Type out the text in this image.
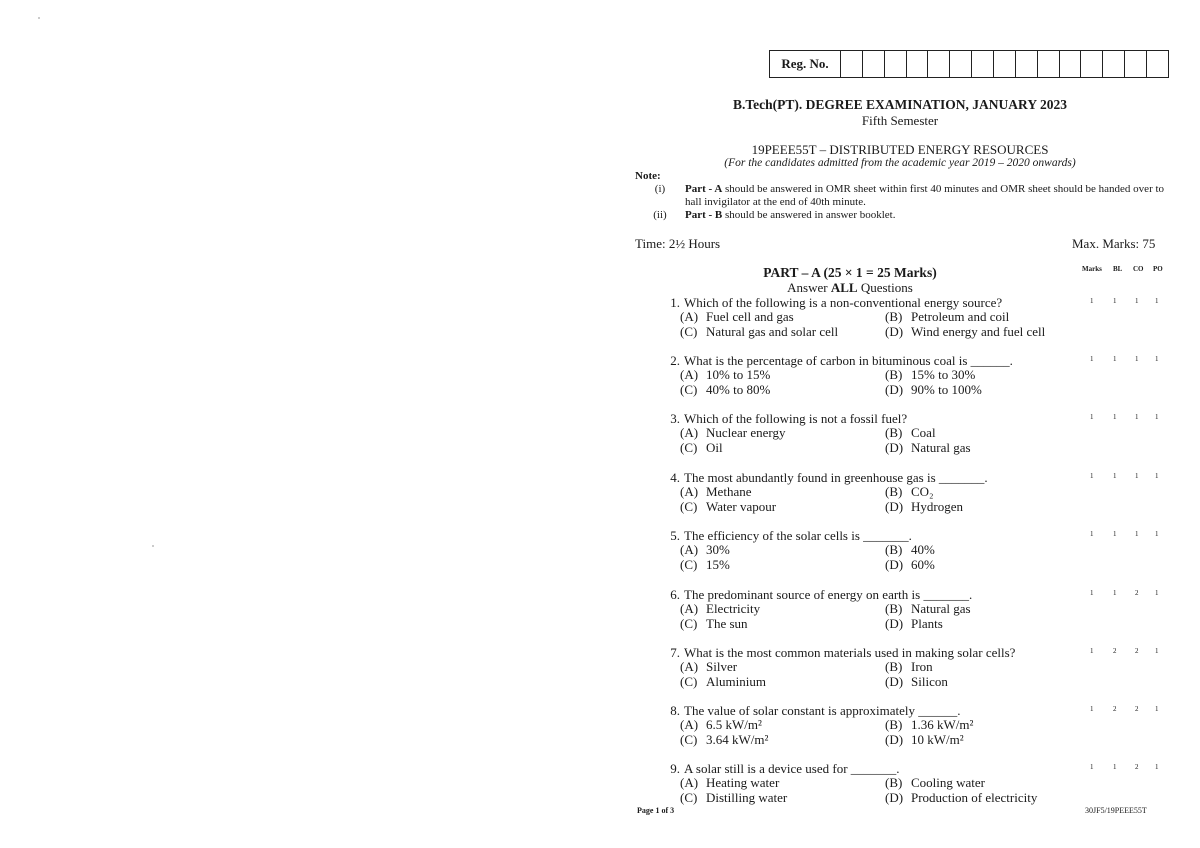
Reg. No.
B.Tech(PT). DEGREE EXAMINATION, JANUARY 2023
Fifth Semester
19PEEE55T – DISTRIBUTED ENERGY RESOURCES
(For the candidates admitted from the academic year 2019 – 2020 onwards)
Note:
(i)	Part - A should be answered in OMR sheet within first 40 minutes and OMR sheet should be handed over to hall invigilator at the end of 40th minute.
(ii)	Part - B should be answered in answer booklet.
Time: 2½ Hours	Max. Marks: 75
PART – A (25 × 1 = 25 Marks)
Answer ALL Questions
Marks BL CO PO
1. Which of the following is a non-conventional energy source?
(A) Fuel cell and gas	(B) Petroleum and coil
(C) Natural gas and solar cell	(D) Wind energy and fuel cell
1	1	1 1
2. What is the percentage of carbon in bituminous coal is ______.
(A) 10% to 15%	(B) 15% to 30%
(C) 40% to 80%	(D) 90% to 100%
1	1	1 1
3. Which of the following is not a fossil fuel?
(A) Nuclear energy	(B) Coal
(C) Oil	(D) Natural gas
1	1	1 1
4. The most abundantly found in greenhouse gas is _______.
(A) Methane	(B) CO₂
(C) Water vapour	(D) Hydrogen
1	1	1 1
5. The efficiency of the solar cells is _______.
(A) 30%	(B) 40%
(C) 15%	(D) 60%
1	1	1 1
6. The predominant source of energy on earth is _______.
(A) Electricity	(B) Natural gas
(C) The sun	(D) Plants
1	1	2 1
7. What is the most common materials used in making solar cells?
(A) Silver	(B) Iron
(C) Aluminium	(D) Silicon
1	2	2 1
8. The value of solar constant is approximately ______.
(A) 6.5 kW/m²	(B) 1.36 kW/m²
(C) 3.64 kW/m²	(D) 10 kW/m²
1	2	2 1
9. A solar still is a device used for _______.
(A) Heating water	(B) Cooling water
(C) Distilling water	(D) Production of electricity
1	1	2 1
Page 1 of 3	30JF5/19PEEE55T
